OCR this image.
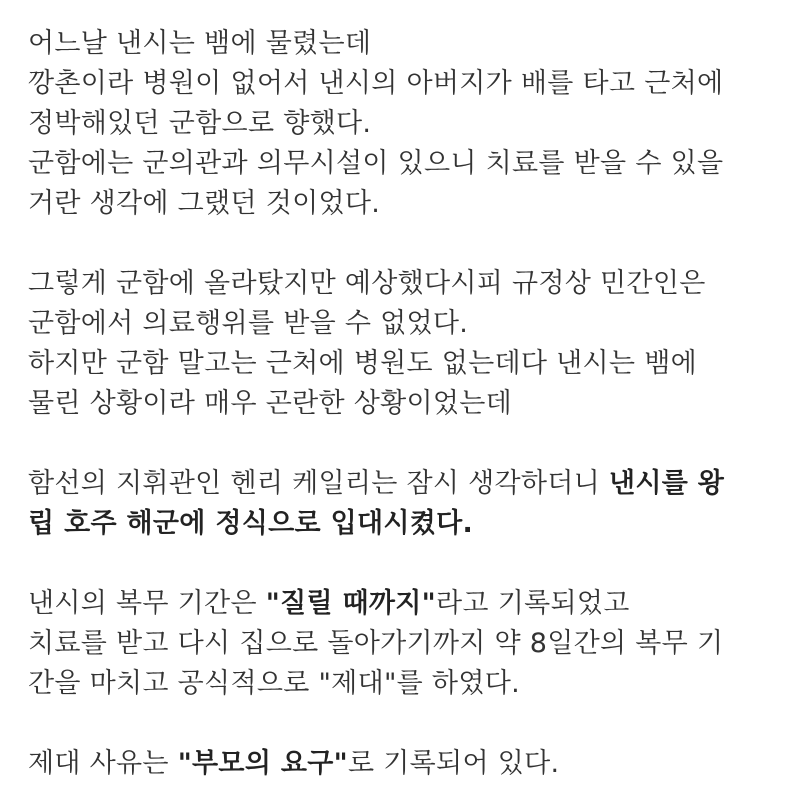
어느날 낸시는 뱀에 물렸는데
깡촌이라 병원이 없어서 낸시의 아버지가 배를 타고 근처에
정박해있던 군함으로 향했다.
군함에는 군의관과 의무시설이 있으니 치료를 받을 수 있을
거란 생각에 그랬던 것이었다.

그렇게 군함에 올라탔지만 예상했다시피 규정상 민간인은
군함에서 의료행위를 받을 수 없었다.
하지만 군함 말고는 근처에 병원도 없는데다 낸시는 뱀에
물린 상황이라 매우 곤란한 상황이었는데

함선의 지휘관인 헨리 케일리는 잠시 생각하더니 낸시를 왕
립 호주 해군에 정식으로 입대시켰다.

낸시의 복무 기간은 "질릴 때까지"라고 기록되었고
치료를 받고 다시 집으로 돌아가기까지 약 8일간의 복무 기
간을 마치고 공식적으로 "제대"를 하였다.

제대 사유는 "부모의 요구"로 기록되어 있다.
